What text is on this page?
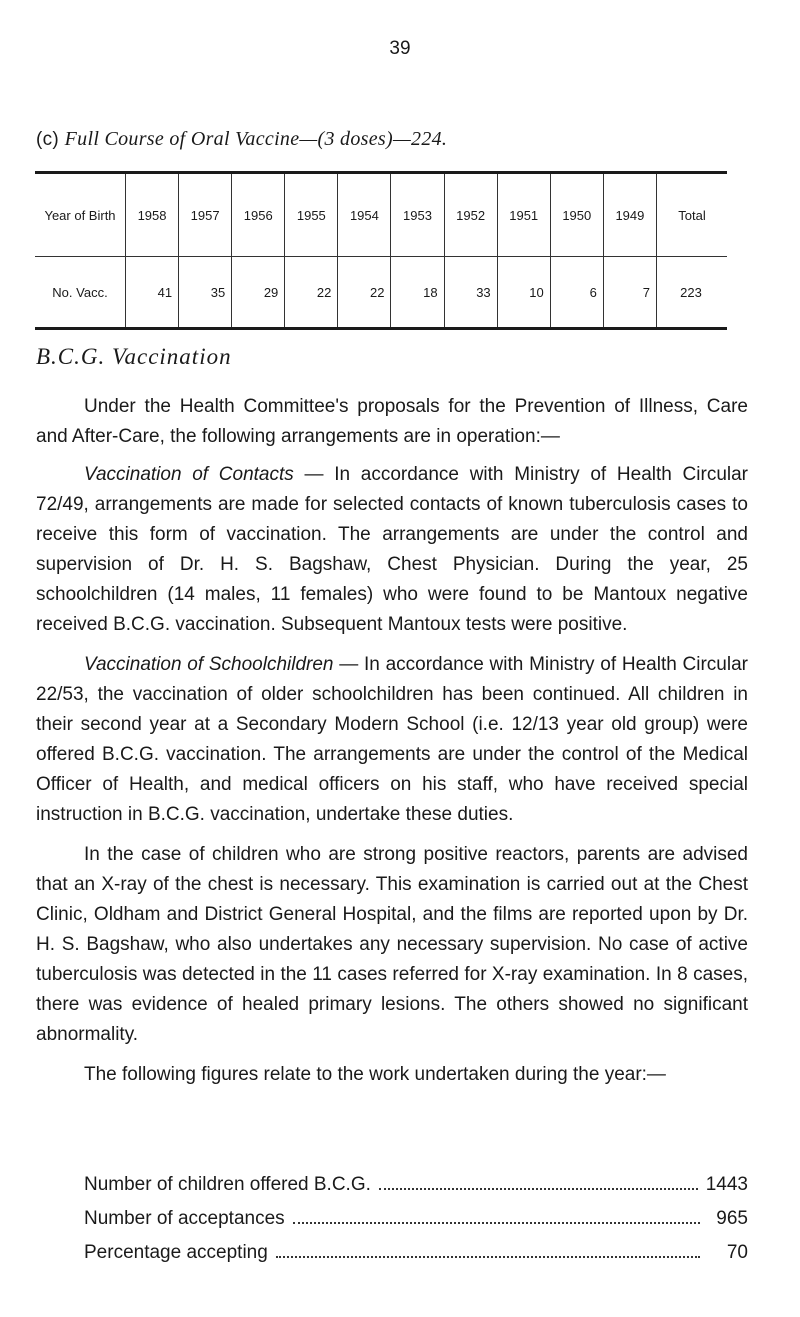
39
(c) Full Course of Oral Vaccine—(3 doses)—224.
Year of Birth	1958	1957	1956	1955	1954	1953	1952	1951	1950	1949	Total
No. Vacc.	41	35	29	22	22	18	33	10	6	7	223
B.C.G. Vaccination

Under the Health Committee's proposals for the Prevention of Illness, Care and After-Care, the following arrangements are in operation:—

Vaccination of Contacts — In accordance with Ministry of Health Circular 72/49, arrangements are made for selected contacts of known tuberculosis cases to receive this form of vaccination. The arrangements are under the control and supervision of Dr. H. S. Bagshaw, Chest Physician. During the year, 25 schoolchildren (14 males, 11 females) who were found to be Mantoux negative received B.C.G. vaccination. Subsequent Mantoux tests were positive.

Vaccination of Schoolchildren — In accordance with Ministry of Health Circular 22/53, the vaccination of older schoolchildren has been continued. All children in their second year at a Secondary Modern School (i.e. 12/13 year old group) were offered B.C.G. vaccination. The arrangements are under the control of the Medical Officer of Health, and medical officers on his staff, who have received special instruction in B.C.G. vaccination, undertake these duties.

In the case of children who are strong positive reactors, parents are advised that an X-ray of the chest is necessary. This examination is carried out at the Chest Clinic, Oldham and District General Hospital, and the films are reported upon by Dr. H. S. Bagshaw, who also undertakes any necessary supervision. No case of active tuberculosis was detected in the 11 cases referred for X-ray examination. In 8 cases, there was evidence of healed primary lesions. The others showed no significant abnormality.

The following figures relate to the work undertaken during the year:—

Number of children offered B.C.G.	1443
Number of acceptances	965
Percentage accepting	70
